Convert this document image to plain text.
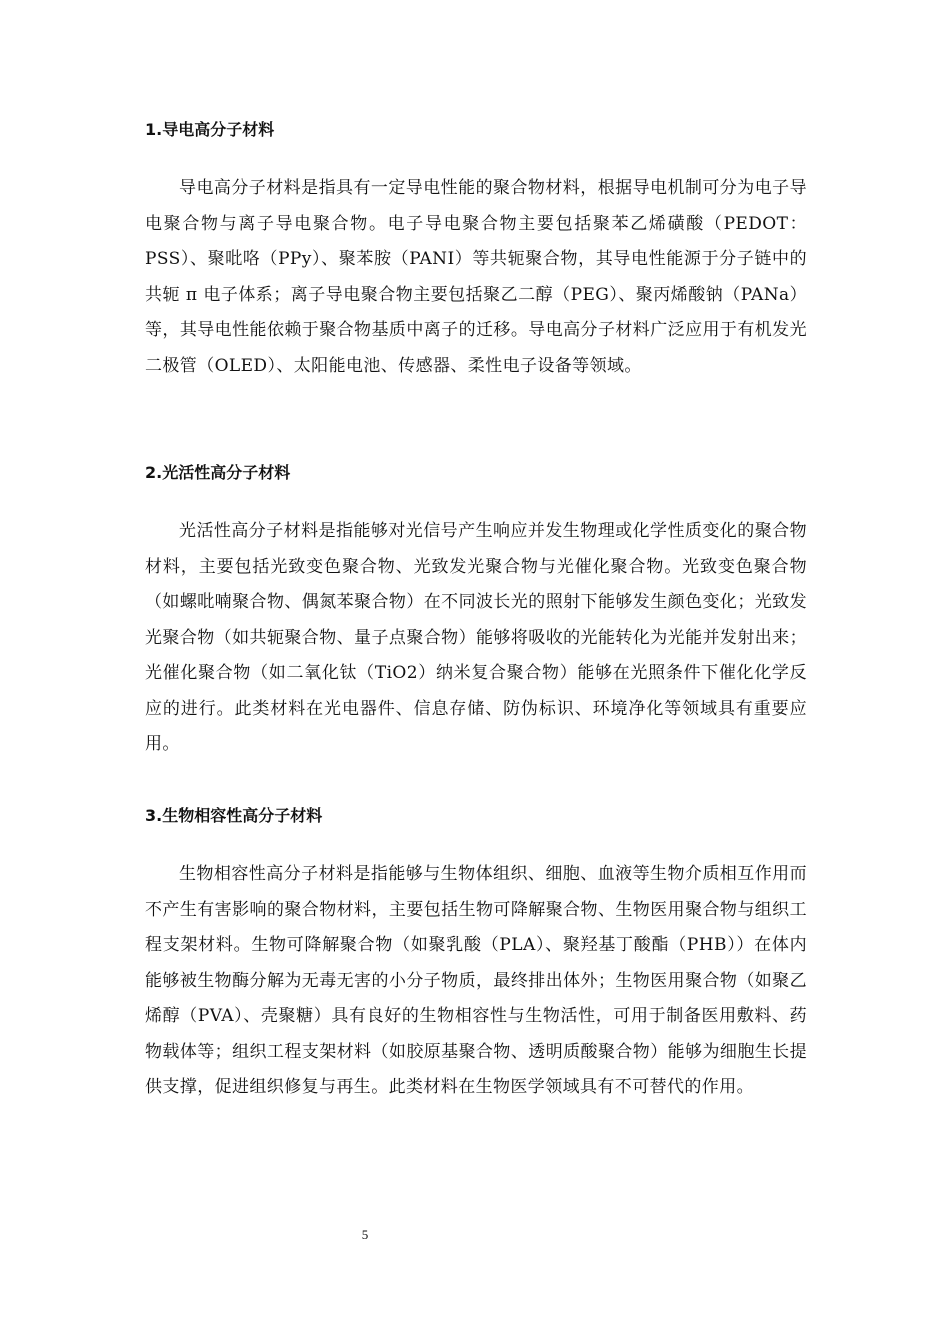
1.导电高分子材料

导电高分子材料是指具有一定导电性能的聚合物材料，根据导电机制可分为电子导电聚合物与离子导电聚合物。电子导电聚合物主要包括聚苯乙烯磺酸（PEDOT：PSS）、聚吡咯（PPy）、聚苯胺（PANI）等共轭聚合物，其导电性能源于分子链中的共轭 π 电子体系；离子导电聚合物主要包括聚乙二醇（PEG）、聚丙烯酸钠（PANa）等，其导电性能依赖于聚合物基质中离子的迁移。导电高分子材料广泛应用于有机发光二极管（OLED）、太阳能电池、传感器、柔性电子设备等领域。

2.光活性高分子材料

光活性高分子材料是指能够对光信号产生响应并发生物理或化学性质变化的聚合物材料，主要包括光致变色聚合物、光致发光聚合物与光催化聚合物。光致变色聚合物（如螺吡喃聚合物、偶氮苯聚合物）在不同波长光的照射下能够发生颜色变化；光致发光聚合物（如共轭聚合物、量子点聚合物）能够将吸收的光能转化为光能并发射出来；光催化聚合物（如二氧化钛（TiO2）纳米复合聚合物）能够在光照条件下催化化学反应的进行。此类材料在光电器件、信息存储、防伪标识、环境净化等领域具有重要应用。

3.生物相容性高分子材料

生物相容性高分子材料是指能够与生物体组织、细胞、血液等生物介质相互作用而不产生有害影响的聚合物材料，主要包括生物可降解聚合物、生物医用聚合物与组织工程支架材料。生物可降解聚合物（如聚乳酸（PLA）、聚羟基丁酸酯（PHB））在体内能够被生物酶分解为无毒无害的小分子物质，最终排出体外；生物医用聚合物（如聚乙烯醇（PVA）、壳聚糖）具有良好的生物相容性与生物活性，可用于制备医用敷料、药物载体等；组织工程支架材料（如胶原基聚合物、透明质酸聚合物）能够为细胞生长提供支撑，促进组织修复与再生。此类材料在生物医学领域具有不可替代的作用。

5
